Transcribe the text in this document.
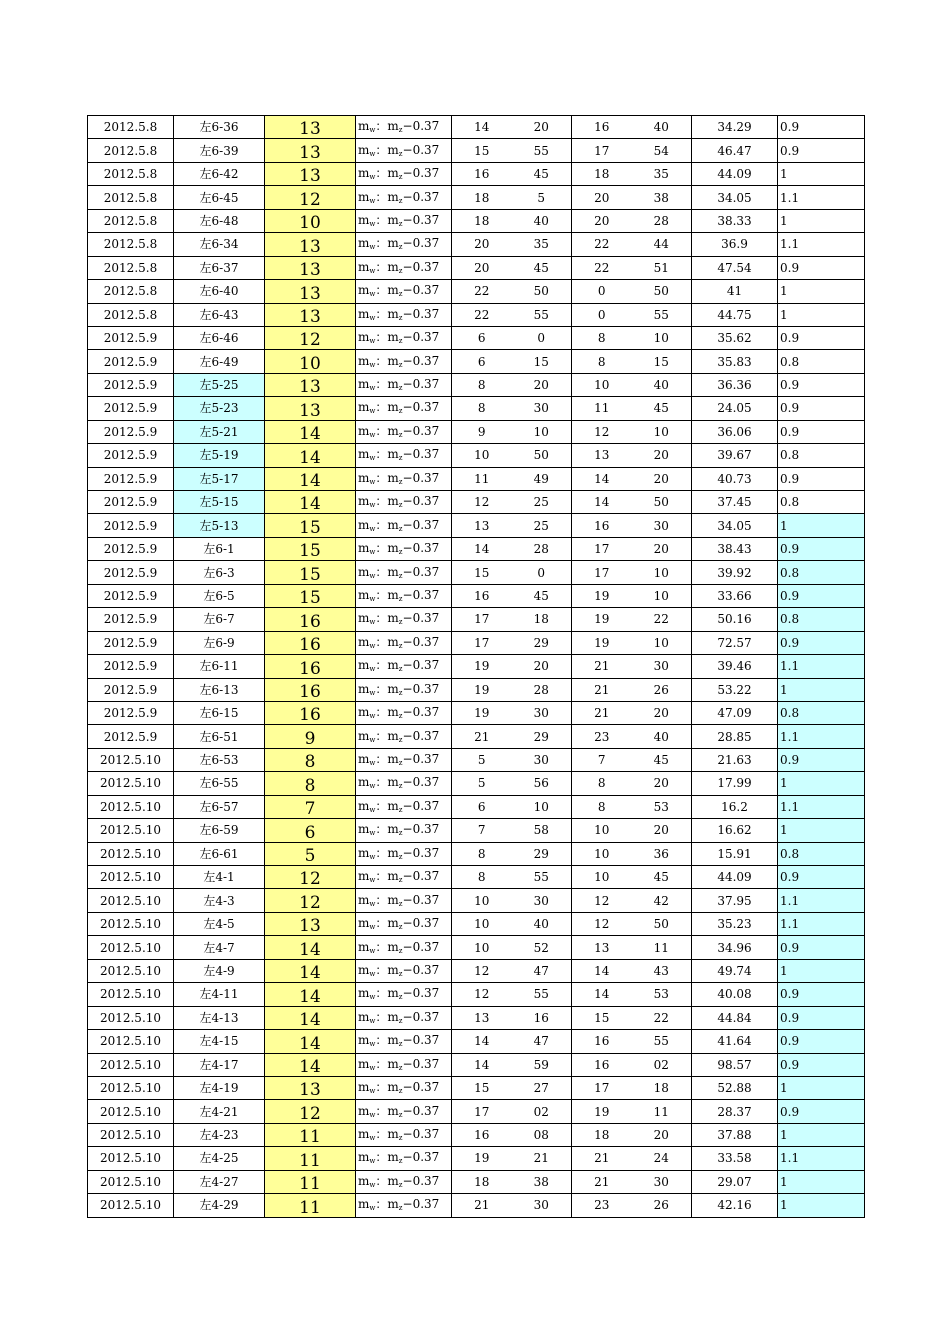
2012.5.8	左6-36	13	$m_w$：$m_z-0.37$	14	20	16	40	34.29	0.9
2012.5.8	左6-39	13	$m_w$：$m_z-0.37$	15	55	17	54	46.47	0.9
2012.5.8	左6-42	13	$m_w$：$m_z-0.37$	16	45	18	35	44.09	1
2012.5.8	左6-45	12	$m_w$：$m_z-0.37$	18	5	20	38	34.05	1.1
2012.5.8	左6-48	10	$m_w$：$m_z-0.37$	18	40	20	28	38.33	1
2012.5.8	左6-34	13	$m_w$：$m_z-0.37$	20	35	22	44	36.9	1.1
2012.5.8	左6-37	13	$m_w$：$m_z-0.37$	20	45	22	51	47.54	0.9
2012.5.8	左6-40	13	$m_w$：$m_z-0.37$	22	50	0	50	41	1
2012.5.8	左6-43	13	$m_w$：$m_z-0.37$	22	55	0	55	44.75	1
2012.5.9	左6-46	12	$m_w$：$m_z-0.37$	6	0	8	10	35.62	0.9
2012.5.9	左6-49	10	$m_w$：$m_z-0.37$	6	15	8	15	35.83	0.8
2012.5.9	左5-25	13	$m_w$：$m_z-0.37$	8	20	10	40	36.36	0.9
2012.5.9	左5-23	13	$m_w$：$m_z-0.37$	8	30	11	45	24.05	0.9
2012.5.9	左5-21	14	$m_w$：$m_z-0.37$	9	10	12	10	36.06	0.9
2012.5.9	左5-19	14	$m_w$：$m_z-0.37$	10	50	13	20	39.67	0.8
2012.5.9	左5-17	14	$m_w$：$m_z-0.37$	11	49	14	20	40.73	0.9
2012.5.9	左5-15	14	$m_w$：$m_z-0.37$	12	25	14	50	37.45	0.8
2012.5.9	左5-13	15	$m_w$：$m_z-0.37$	13	25	16	30	34.05	1
2012.5.9	左6-1	15	$m_w$：$m_z-0.37$	14	28	17	20	38.43	0.9
2012.5.9	左6-3	15	$m_w$：$m_z-0.37$	15	0	17	10	39.92	0.8
2012.5.9	左6-5	15	$m_w$：$m_z-0.37$	16	45	19	10	33.66	0.9
2012.5.9	左6-7	16	$m_w$：$m_z-0.37$	17	18	19	22	50.16	0.8
2012.5.9	左6-9	16	$m_w$：$m_z-0.37$	17	29	19	10	72.57	0.9
2012.5.9	左6-11	16	$m_w$：$m_z-0.37$	19	20	21	30	39.46	1.1
2012.5.9	左6-13	16	$m_w$：$m_z-0.37$	19	28	21	26	53.22	1
2012.5.9	左6-15	16	$m_w$：$m_z-0.37$	19	30	21	20	47.09	0.8
2012.5.9	左6-51	9	$m_w$：$m_z-0.37$	21	29	23	40	28.85	1.1
2012.5.10	左6-53	8	$m_w$：$m_z-0.37$	5	30	7	45	21.63	0.9
2012.5.10	左6-55	8	$m_w$：$m_z-0.37$	5	56	8	20	17.99	1
2012.5.10	左6-57	7	$m_w$：$m_z-0.37$	6	10	8	53	16.2	1.1
2012.5.10	左6-59	6	$m_w$：$m_z-0.37$	7	58	10	20	16.62	1
2012.5.10	左6-61	5	$m_w$：$m_z-0.37$	8	29	10	36	15.91	0.8
2012.5.10	左4-1	12	$m_w$：$m_z-0.37$	8	55	10	45	44.09	0.9
2012.5.10	左4-3	12	$m_w$：$m_z-0.37$	10	30	12	42	37.95	1.1
2012.5.10	左4-5	13	$m_w$：$m_z-0.37$	10	40	12	50	35.23	1.1
2012.5.10	左4-7	14	$m_w$：$m_z-0.37$	10	52	13	11	34.96	0.9
2012.5.10	左4-9	14	$m_w$：$m_z-0.37$	12	47	14	43	49.74	1
2012.5.10	左4-11	14	$m_w$：$m_z-0.37$	12	55	14	53	40.08	0.9
2012.5.10	左4-13	14	$m_w$：$m_z-0.37$	13	16	15	22	44.84	0.9
2012.5.10	左4-15	14	$m_w$：$m_z-0.37$	14	47	16	55	41.64	0.9
2012.5.10	左4-17	14	$m_w$：$m_z-0.37$	14	59	16	02	98.57	0.9
2012.5.10	左4-19	13	$m_w$：$m_z-0.37$	15	27	17	18	52.88	1
2012.5.10	左4-21	12	$m_w$：$m_z-0.37$	17	02	19	11	28.37	0.9
2012.5.10	左4-23	11	$m_w$：$m_z-0.37$	16	08	18	20	37.88	1
2012.5.10	左4-25	11	$m_w$：$m_z-0.37$	19	21	21	24	33.58	1.1
2012.5.10	左4-27	11	$m_w$：$m_z-0.37$	18	38	21	30	29.07	1
2012.5.10	左4-29	11	$m_w$：$m_z-0.37$	21	30	23	26	42.16	1
